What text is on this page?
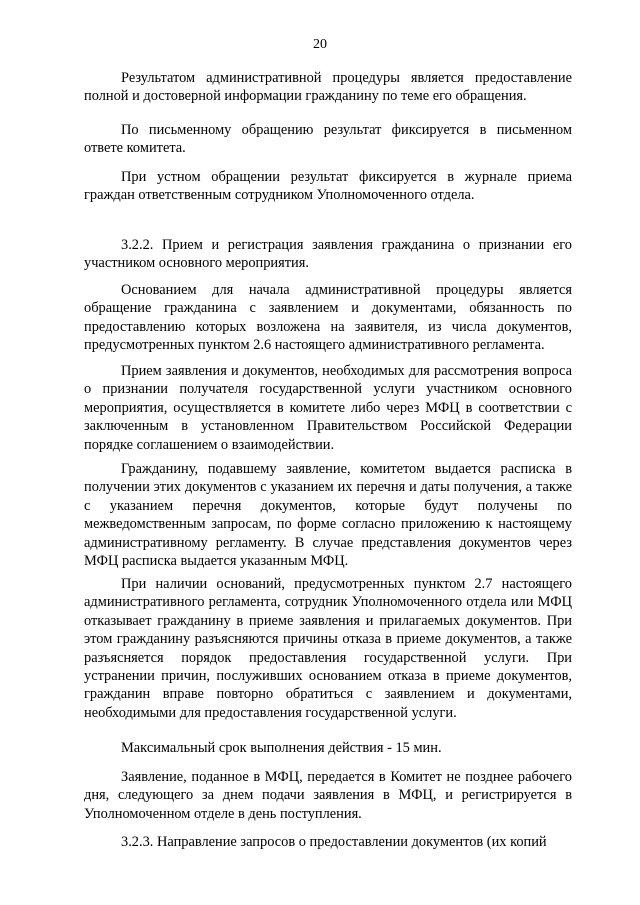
20

Результатом административной процедуры является предоставление полной и достоверной информации гражданину по теме его обращения.

По письменному обращению результат фиксируется в письменном ответе комитета.

При устном обращении результат фиксируется в журнале приема граждан ответственным сотрудником Уполномоченного отдела.

3.2.2. Прием и регистрация заявления гражданина о признании его участником основного мероприятия.

Основанием для начала административной процедуры является обращение гражданина с заявлением и документами, обязанность по предоставлению которых возложена на заявителя, из числа документов, предусмотренных пунктом 2.6 настоящего административного регламента.

Прием заявления и документов, необходимых для рассмотрения вопроса о признании получателя государственной услуги участником основного мероприятия, осуществляется в комитете либо через МФЦ в соответствии с заключенным в установленном Правительством Российской Федерации порядке соглашением о взаимодействии.

Гражданину, подавшему заявление, комитетом выдается расписка в получении этих документов с указанием их перечня и даты получения, а также с указанием перечня документов, которые будут получены по межведомственным запросам, по форме согласно приложению к настоящему административному регламенту. В случае представления документов через МФЦ расписка выдается указанным МФЦ.

При наличии оснований, предусмотренных пунктом 2.7 настоящего административного регламента, сотрудник Уполномоченного отдела или МФЦ отказывает гражданину в приеме заявления и прилагаемых документов. При этом гражданину разъясняются причины отказа в приеме документов, а также разъясняется порядок предоставления государственной услуги. При устранении причин, послуживших основанием отказа в приеме документов, гражданин вправе повторно обратиться с заявлением и документами, необходимыми для предоставления государственной услуги.

Максимальный срок выполнения действия - 15 мин.

Заявление, поданное в МФЦ, передается в Комитет не позднее рабочего дня, следующего за днем подачи заявления в МФЦ, и регистрируется в Уполномоченном отделе в день поступления.

3.2.3. Направление запросов о предоставлении документов (их копий
